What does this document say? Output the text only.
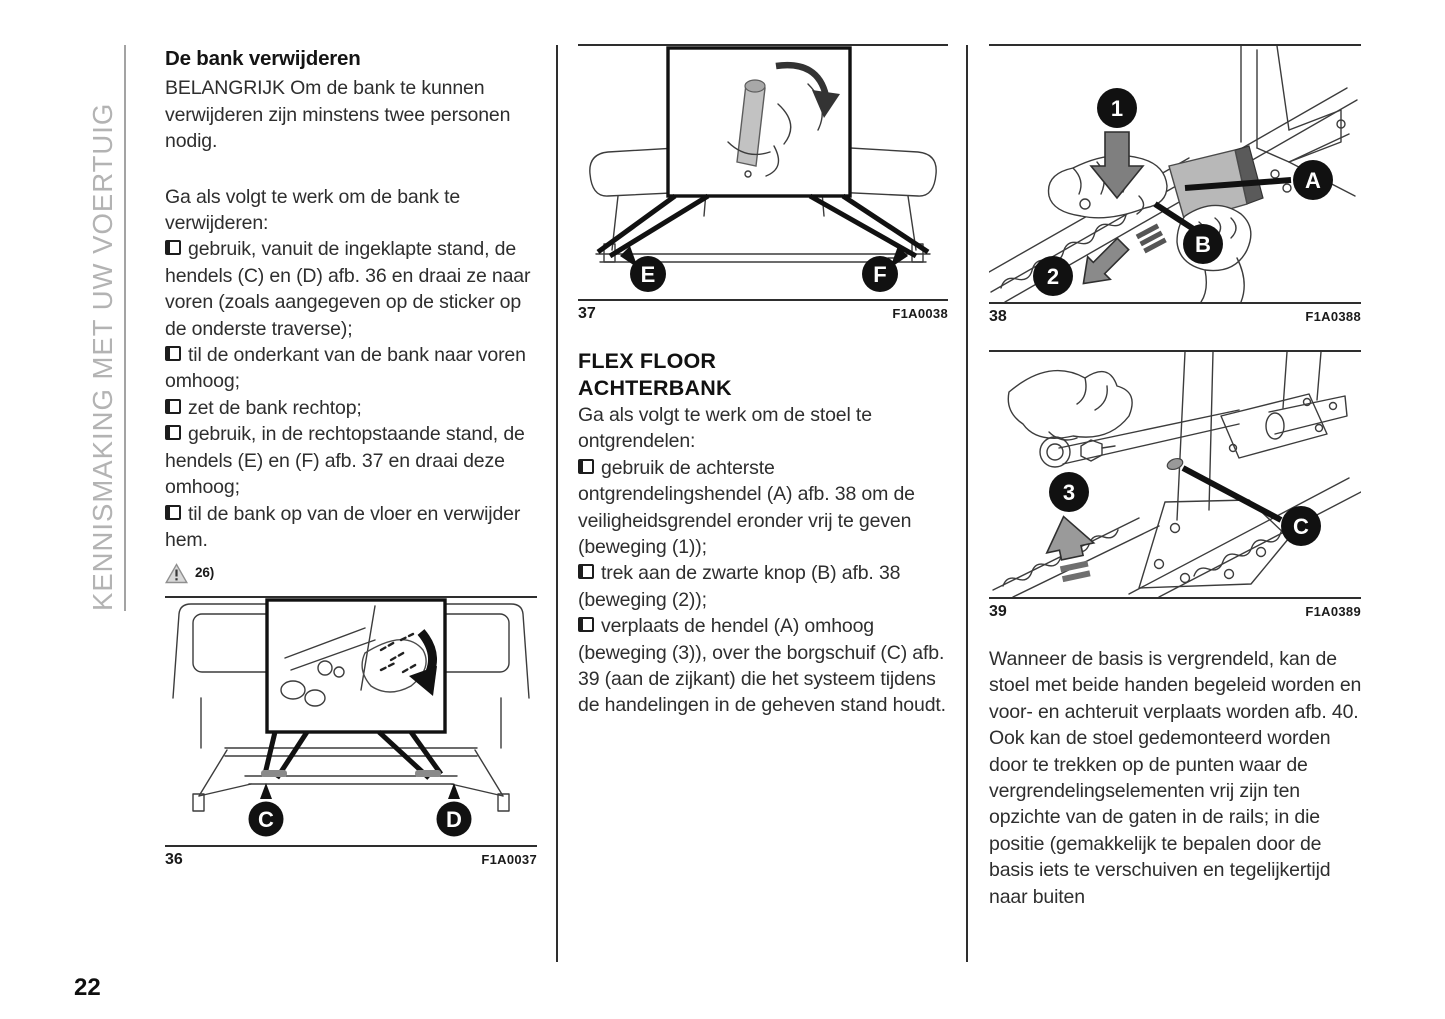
KENNISMAKING MET UW VOERTUIG
22

De bank verwijderen

BELANGRIJK Om de bank te kunnen verwijderen zijn minstens twee personen nodig.

Ga als volgt te werk om de bank te verwijderen:

gebruik, vanuit de ingeklapte stand, de hendels (C) en (D) afb. 36 en draai ze naar voren (zoals aangegeven op de sticker op de onderste traverse);

til de onderkant van de bank naar voren omhoog;

zet de bank rechtop;

gebruik, in de rechtopstaande stand, de hendels (E) en (F) afb. 37 en draai deze omhoog;

til de bank op van de vloer en verwijder hem.

26)
C	D
36	F1A0037
E	F
37	F1A0038

FLEX FLOOR

ACHTERBANK

Ga als volgt te werk om de stoel te ontgrendelen:

gebruik de achterste ontgrendelingshendel (A) afb. 38 om de veiligheidsgrendel eronder vrij te geven (beweging (1));

trek aan de zwarte knop (B) afb. 38 (beweging (2));

verplaats de hendel (A) omhoog (beweging (3)), over the borgschuif (C) afb. 39 (aan de zijkant) die het systeem tijdens de handelingen in de geheven stand houdt.

1
2
A
B
38	F1A0388
3
C
39	F1A0389

Wanneer de basis is vergrendeld, kan de stoel met beide handen begeleid worden en voor- en achteruit verplaats worden afb. 40.

Ook kan de stoel gedemonteerd worden door te trekken op de punten waar de vergrendelingselementen vrij zijn ten opzichte van de gaten in de rails; in die positie (gemakkelijk te bepalen door de basis iets te verschuiven en tegelijkertijd naar buiten
